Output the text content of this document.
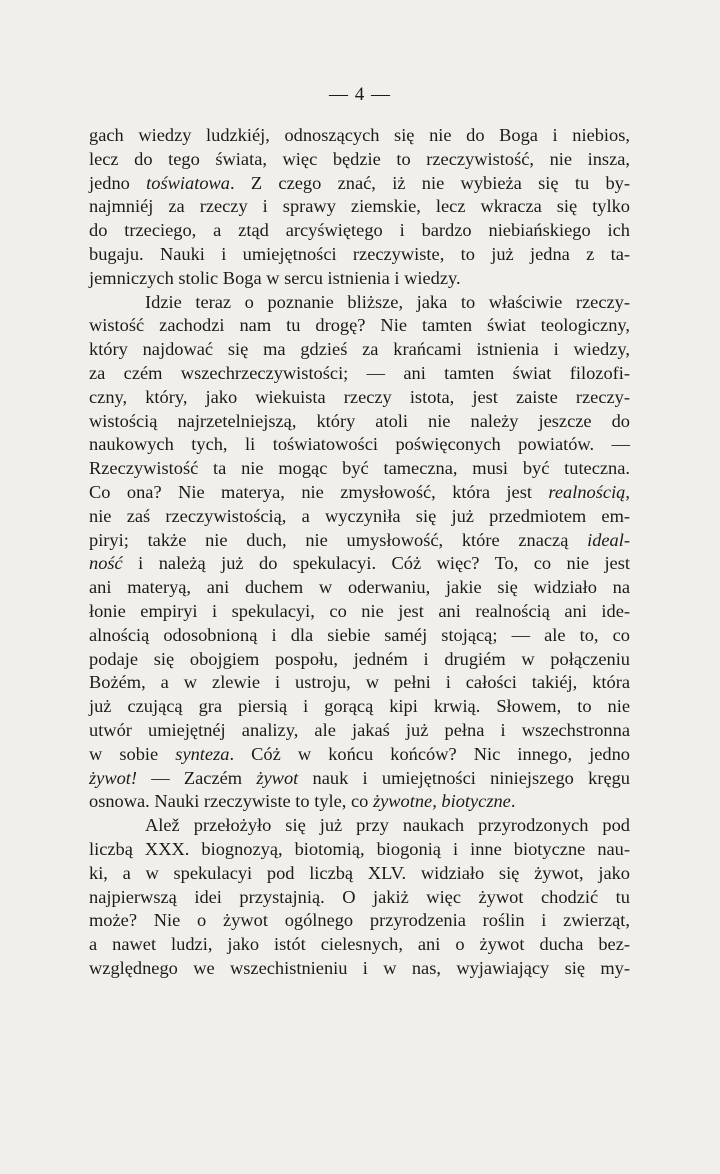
— 4 —
gach wiedzy ludzkiéj, odnoszących się nie do Boga i niebios,
lecz do tego świata, więc będzie to rzeczywistość, nie insza,
jedno toświatowa. Z czego znać, iż nie wybieża się tu by-
najmniéj za rzeczy i sprawy ziemskie, lecz wkracza się tylko
do trzeciego, a ztąd arcyświętego i bardzo niebiańskiego ich
bugaju. Nauki i umiejętności rzeczywiste, to już jedna z ta-
jemniczych stolic Boga w sercu istnienia i wiedzy.
Idzie teraz o poznanie bliższe, jaka to właściwie rzeczy-
wistość zachodzi nam tu drogę? Nie tamten świat teologiczny,
który najdować się ma gdzieś za krańcami istnienia i wiedzy,
za czém wszechrzeczywistości; — ani tamten świat filozofi-
czny, który, jako wiekuista rzeczy istota, jest zaiste rzeczy-
wistością najrzetelniejszą, który atoli nie należy jeszcze do
naukowych tych, li toświatowości poświęconych powiatów. —
Rzeczywistość ta nie mogąc być tameczna, musi być tuteczna.
Co ona? Nie materya, nie zmysłowość, która jest realnością,
nie zaś rzeczywistością, a wyczyniła się już przedmiotem em-
piryi; także nie duch, nie umysłowość, które znaczą ideal-
ność i należą już do spekulacyi. Cóż więc? To, co nie jest
ani materyą, ani duchem w oderwaniu, jakie się widziało na
łonie empiryi i spekulacyi, co nie jest ani realnością ani ide-
alnością odosobnioną i dla siebie saméj stojącą; — ale to, co
podaje się obojgiem pospołu, jedném i drugiém w połączeniu
Bożém, a w zlewie i ustroju, w pełni i całości takiéj, która
już czującą gra piersią i gorącą kipi krwią. Słowem, to nie
utwór umiejętnéj analizy, ale jakaś już pełna i wszechstronna
w sobie synteza. Cóż w końcu końców? Nic innego, jedno
żywot! — Zaczém żywot nauk i umiejętności niniejszego kręgu
osnowa. Nauki rzeczywiste to tyle, co żywotne, biotyczne.
Alež przełożyło się już przy naukach przyrodzonych pod
liczbą XXX. biognozyą, biotomią, biogonią i inne biotyczne nau-
ki, a w spekulacyi pod liczbą XLV. widziało się żywot, jako
najpierwszą idei przystajnią. O jakiż więc żywot chodzić tu
może? Nie o żywot ogólnego przyrodzenia roślin i zwierząt,
a nawet ludzi, jako istót cielesnych, ani o żywot ducha bez-
względnego we wszechistnieniu i w nas, wyjawiający się my-
